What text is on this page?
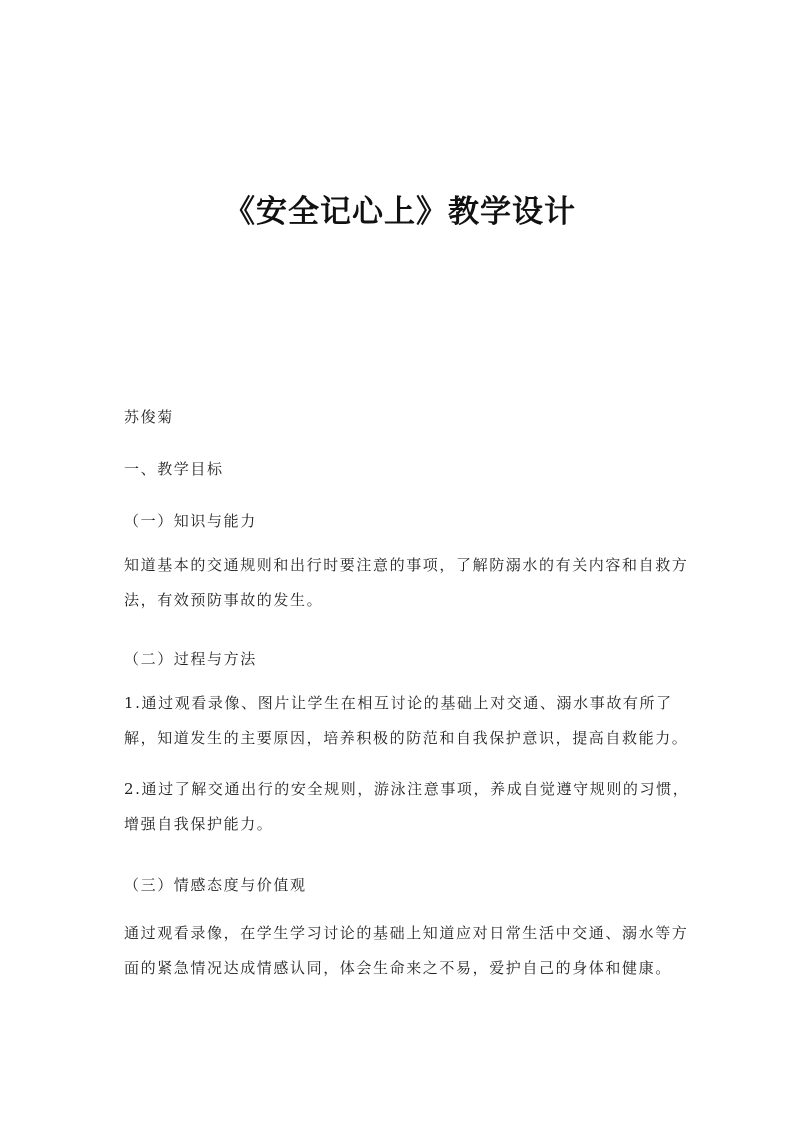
《安全记心上》教学设计

苏俊菊

一、教学目标

（一）知识与能力

知道基本的交通规则和出行时要注意的事项，了解防溺水的有关内容和自救方
法，有效预防事故的发生。

（二）过程与方法

1.通过观看录像、图片让学生在相互讨论的基础上对交通、溺水事故有所了
解，知道发生的主要原因，培养积极的防范和自我保护意识，提高自救能力。

2.通过了解交通出行的安全规则，游泳注意事项，养成自觉遵守规则的习惯，
增强自我保护能力。

（三）情感态度与价值观

通过观看录像，在学生学习讨论的基础上知道应对日常生活中交通、溺水等方
面的紧急情况达成情感认同，体会生命来之不易，爱护自己的身体和健康。
